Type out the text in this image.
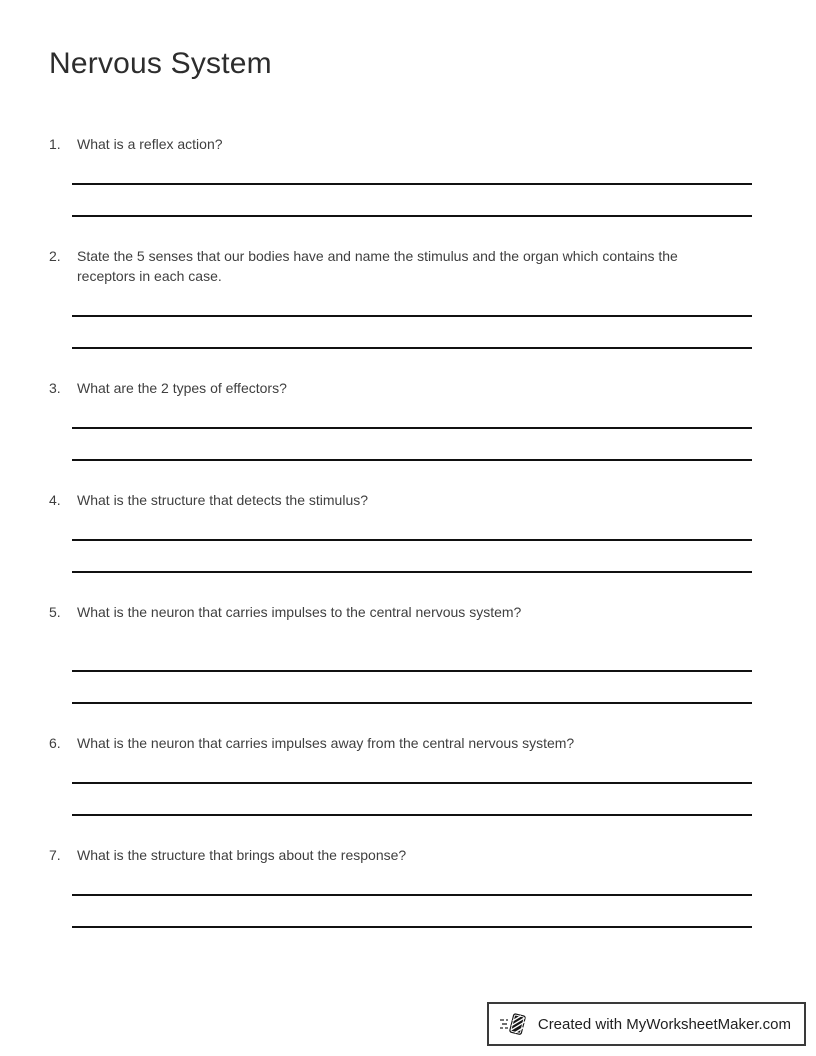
Nervous System
1.	What is a reflex action?
2.	State the 5 senses that our bodies have and name the stimulus and the organ which contains the receptors in each case.
3.	What are the 2 types of effectors?
4.	What is the structure that detects the stimulus?
5.	What is the neuron that carries impulses to the central nervous system?
6.	What is the neuron that carries impulses away from the central nervous system?
7.	What is the structure that brings about the response?
Created with MyWorksheetMaker.com
